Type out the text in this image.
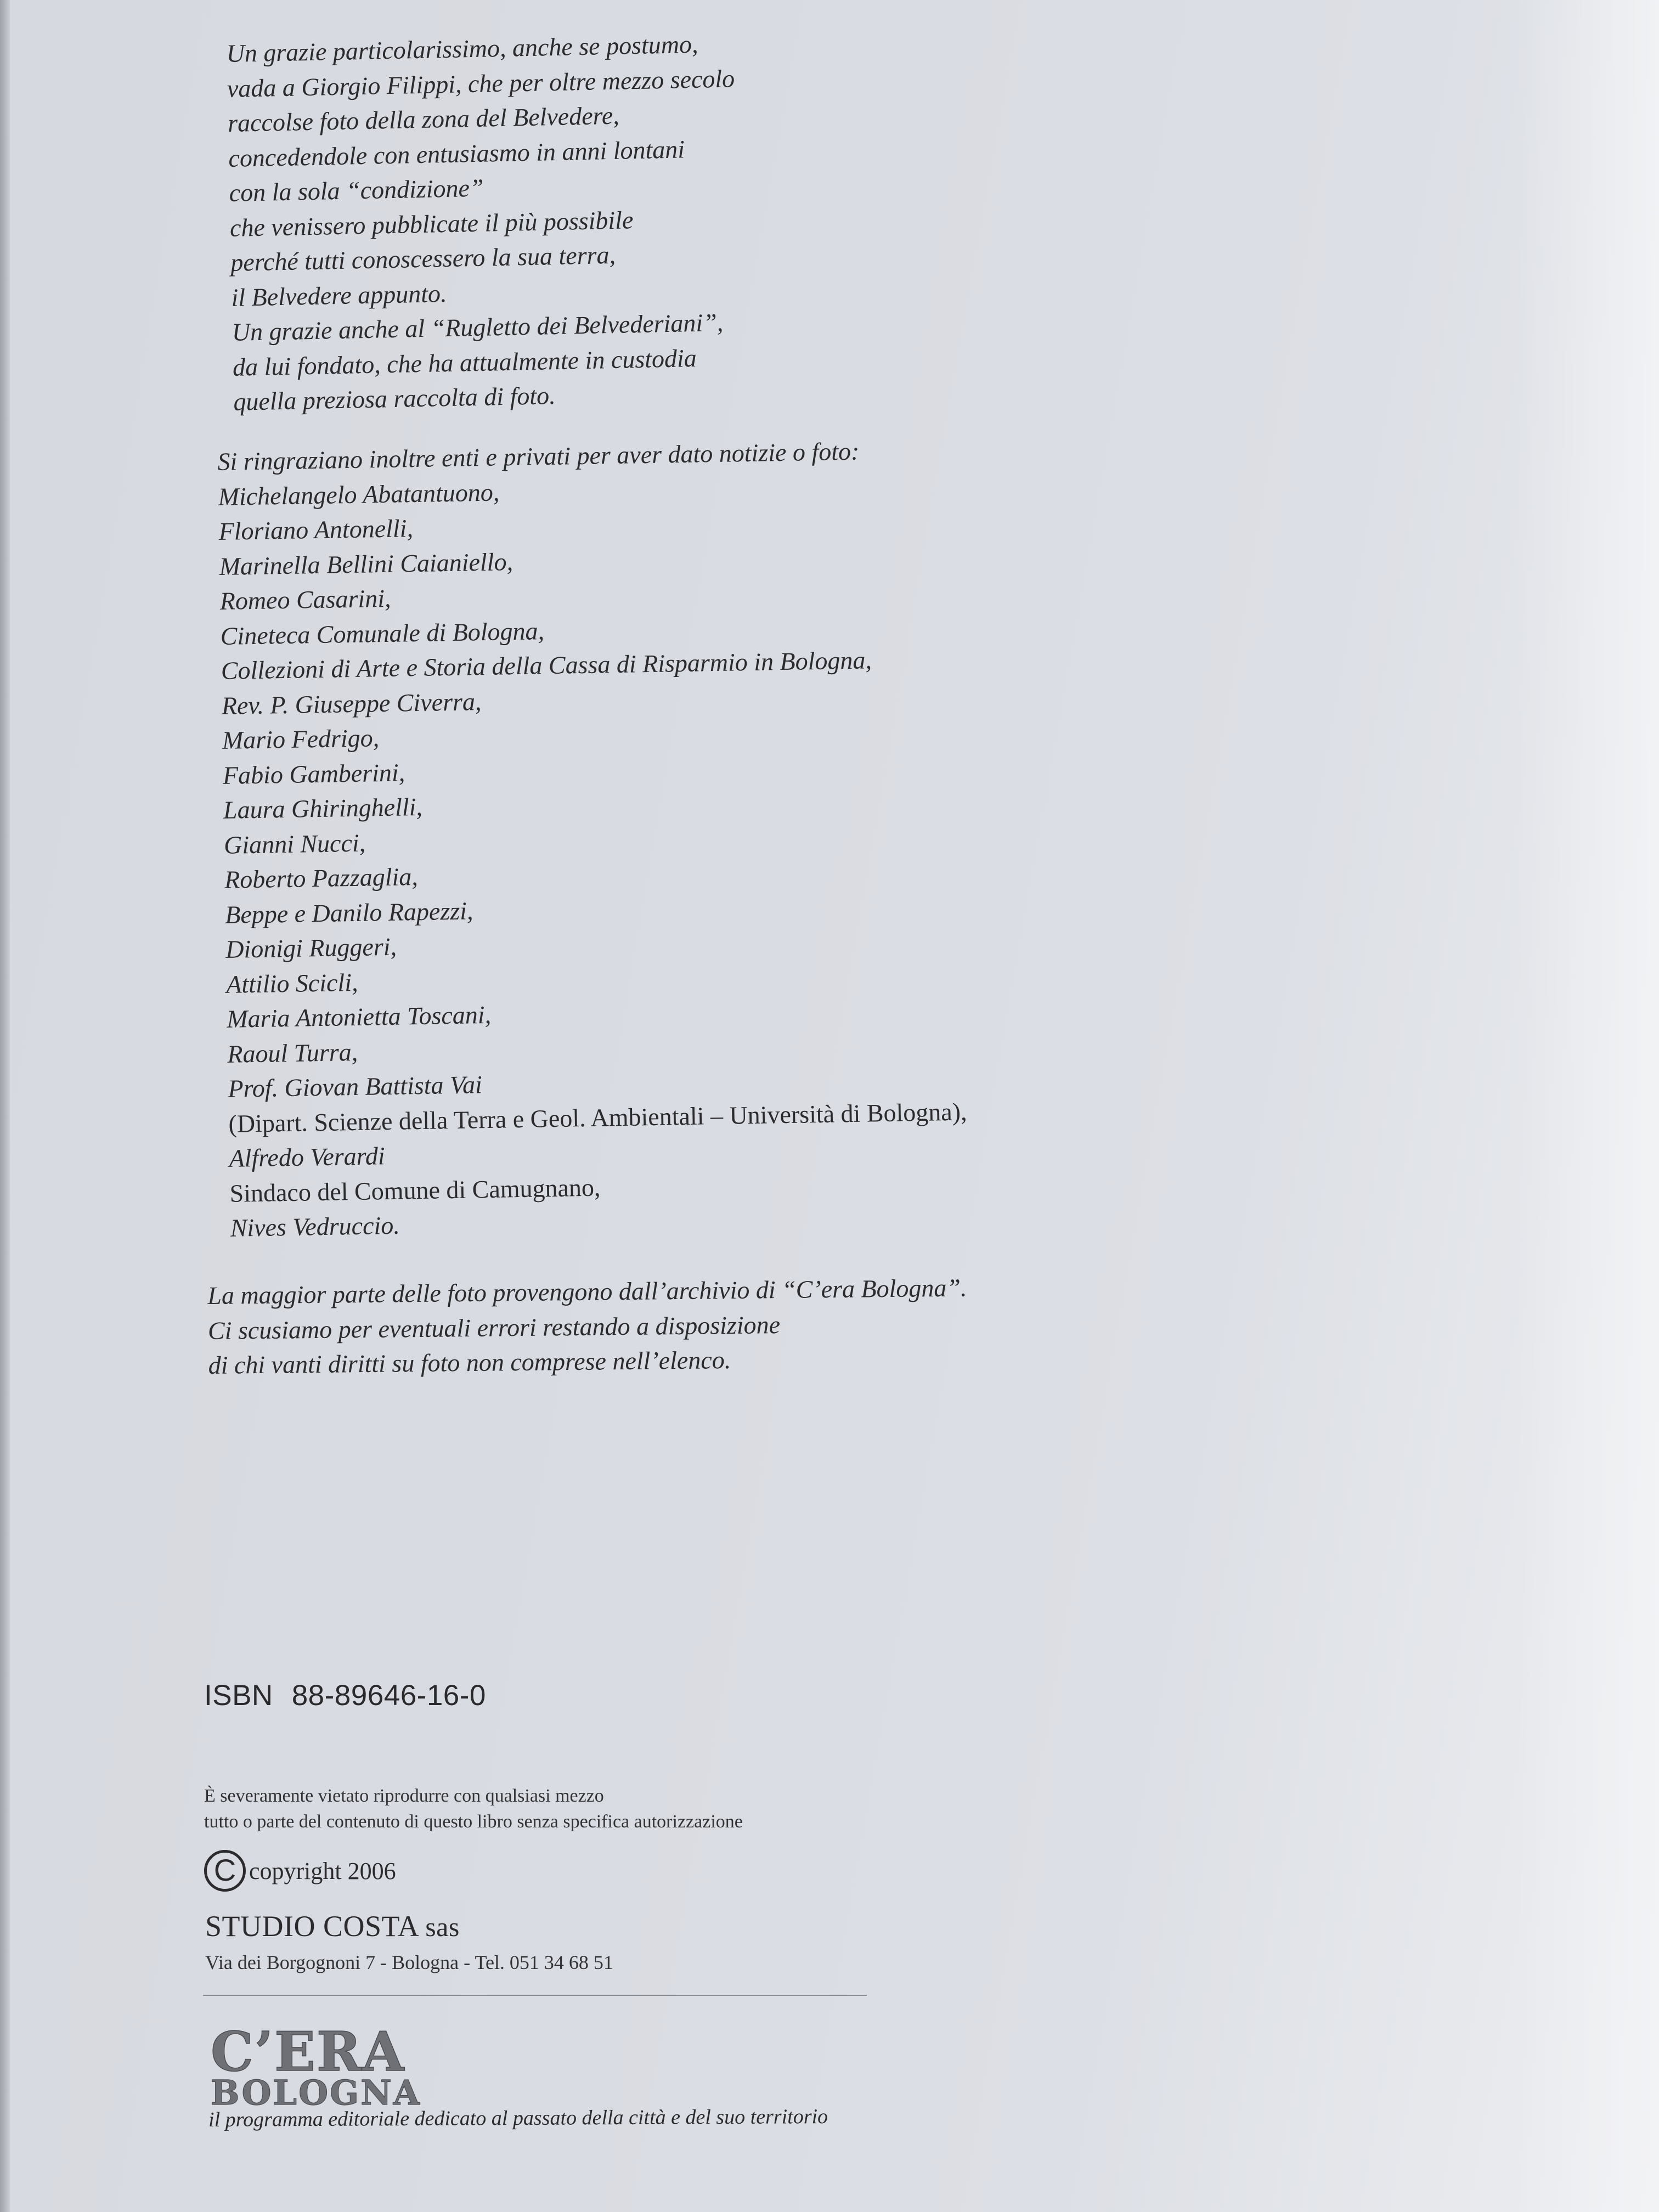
Un grazie particolarissimo, anche se postumo,
vada a Giorgio Filippi, che per oltre mezzo secolo
raccolse foto della zona del Belvedere,
concedendole con entusiasmo in anni lontani
con la sola “condizione”
che venissero pubblicate il più possibile
perché tutti conoscessero la sua terra,
il Belvedere appunto.
Un grazie anche al “Rugletto dei Belvederiani”,
da lui fondato, che ha attualmente in custodia
quella preziosa raccolta di foto.
Si ringraziano inoltre enti e privati per aver dato notizie o foto:
Michelangelo Abatantuono,
Floriano Antonelli,
Marinella Bellini Caianiello,
Romeo Casarini,
Cineteca Comunale di Bologna,
Collezioni di Arte e Storia della Cassa di Risparmio in Bologna,
Rev. P. Giuseppe Civerra,
Mario Fedrigo,
Fabio Gamberini,
Laura Ghiringhelli,
Gianni Nucci,
Roberto Pazzaglia,
Beppe e Danilo Rapezzi,
Dionigi Ruggeri,
Attilio Scicli,
Maria Antonietta Toscani,
Raoul Turra,
Prof. Giovan Battista Vai
(Dipart. Scienze della Terra e Geol. Ambientali – Università di Bologna),
Alfredo Verardi
Sindaco del Comune di Camugnano,
Nives Vedruccio.
La maggior parte delle foto provengono dall’archivio di “C’era Bologna”.
Ci scusiamo per eventuali errori restando a disposizione
di chi vanti diritti su foto non comprese nell’elenco.
ISBN 88-89646-16-0
È severamente vietato riprodurre con qualsiasi mezzo
tutto o parte del contenuto di questo libro senza specifica autorizzazione
C copyright 2006
STUDIO COSTA sas
Via dei Borgognoni 7 - Bologna - Tel. 051 34 68 51
C’ERA
BOLOGNA
il programma editoriale dedicato al passato della città e del suo territorio
